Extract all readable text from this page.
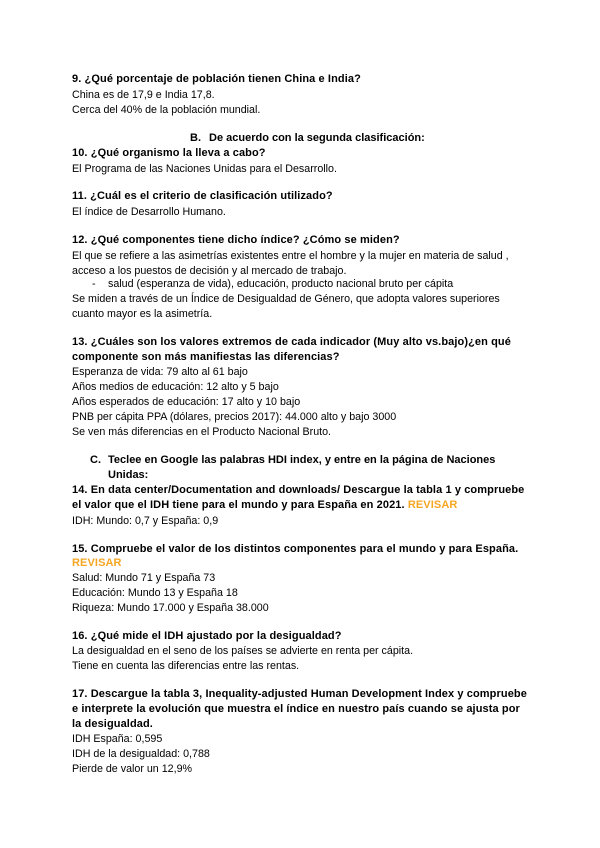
9. ¿Qué porcentaje de población tienen China e India?
China es de 17,9 e India 17,8.
Cerca del 40% de la población mundial.
B. De acuerdo con la segunda clasificación:
10. ¿Qué organismo la lleva a cabo?
El Programa de las Naciones Unidas para el Desarrollo.
11. ¿Cuál es el criterio de clasificación utilizado?
El índice de Desarrollo Humano.
12. ¿Qué componentes tiene dicho índice? ¿Cómo se miden?
El que se refiere a las asimetrías existentes entre el hombre y la mujer en materia de salud ,
acceso a los puestos de decisión y al mercado de trabajo.
- salud (esperanza de vida), educación, producto nacional bruto per cápita
Se miden a través de un Índice de Desigualdad de Género, que adopta valores superiores
cuanto mayor es la asimetría.
13. ¿Cuáles son los valores extremos de cada indicador (Muy alto vs.bajo)¿en qué
componente son más manifiestas las diferencias?
Esperanza de vida: 79 alto al 61 bajo
Años medios de educación: 12 alto y 5 bajo
Años esperados de educación: 17 alto y 10 bajo
PNB per cápita PPA (dólares, precios 2017): 44.000 alto y bajo 3000
Se ven más diferencias en el Producto Nacional Bruto.
C. Teclee en Google las palabras HDI index, y entre en la página de Naciones
Unidas:
14. En data center/Documentation and downloads/ Descargue la tabla 1 y compruebe
el valor que el IDH tiene para el mundo y para España en 2021. REVISAR
IDH: Mundo: 0,7 y España: 0,9
15. Compruebe el valor de los distintos componentes para el mundo y para España.
REVISAR
Salud: Mundo 71 y España 73
Educación: Mundo 13 y España 18
Riqueza: Mundo 17.000 y España 38.000
16. ¿Qué mide el IDH ajustado por la desigualdad?
La desigualdad en el seno de los países se advierte en renta per cápita.
Tiene en cuenta las diferencias entre las rentas.
17. Descargue la tabla 3, Inequality-adjusted Human Development Index y compruebe
e interprete la evolución que muestra el índice en nuestro país cuando se ajusta por
la desigualdad.
IDH España: 0,595
IDH de la desigualdad: 0,788
Pierde de valor un 12,9%
